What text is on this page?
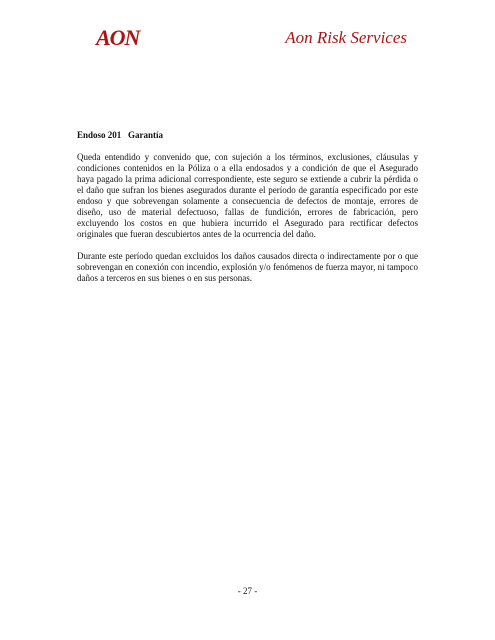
AON	Aon Risk Services
Endoso 201 Garantía

Queda entendido y convenido que, con sujeción a los términos, exclusiones, cláusulas y condiciones contenidos en la Póliza o a ella endosados y a condición de que el Asegurado haya pagado la prima adicional correspondiente, este seguro se extiende a cubrir la pérdida o el daño que sufran los bienes asegurados durante el período de garantía especificado por este endoso y que sobrevengan solamente a consecuencia de defectos de montaje, errores de diseño, uso de material defectuoso, fallas de fundición, errores de fabricación, pero excluyendo los costos en que hubiera incurrido el Asegurado para rectificar defectos originales que fueran descubiertos antes de la ocurrencia del daño.

Durante este período quedan excluidos los daños causados directa o indirectamente por o que sobrevengan en conexión con incendio, explosión y/o fenómenos de fuerza mayor, ni tampoco daños a terceros en sus bienes o en sus personas.

- 27 -
